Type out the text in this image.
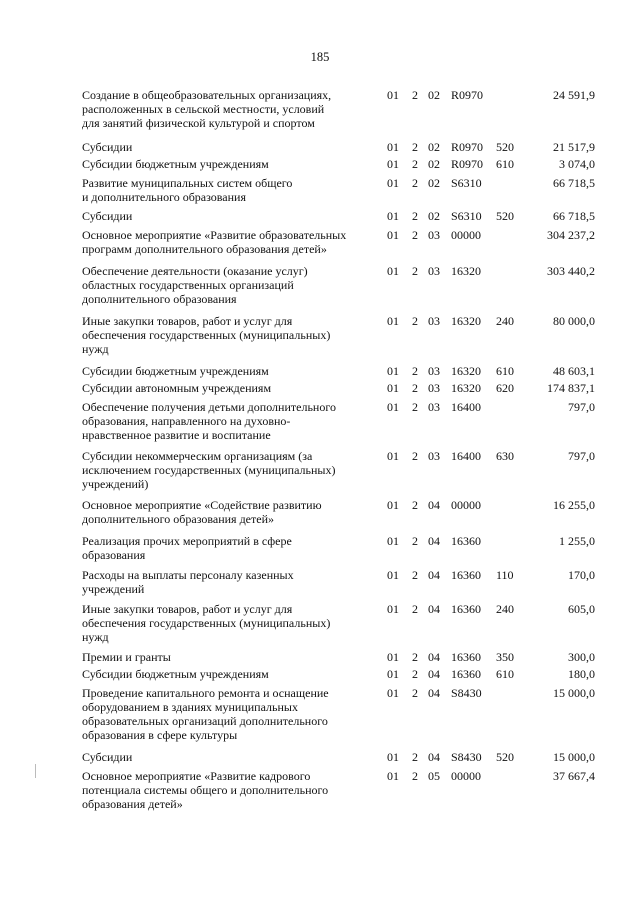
185
Создание в общеобразовательных организациях,
расположенных в сельской местности, условий
для занятий физической культурой и спортом
01 2 02 R0970	24 591,9
Субсидии	01 2 02 R0970 520	21 517,9
Субсидии бюджетным учреждениям	01 2 02 R0970 610	3 074,0
Развитие муниципальных систем общего
и дополнительного образования
01 2 02 S6310	66 718,5
Субсидии	01 2 02 S6310 520	66 718,5
Основное мероприятие «Развитие образовательных
программ дополнительного образования детей»
01 2 03 00000	304 237,2
Обеспечение деятельности (оказание услуг)
областных государственных организаций
дополнительного образования
01 2 03 16320	303 440,2
Иные закупки товаров, работ и услуг для
обеспечения государственных (муниципальных)
нужд
01 2 03 16320 240	80 000,0
Субсидии бюджетным учреждениям	01 2 03 16320 610	48 603,1
Субсидии автономным учреждениям	01 2 03 16320 620	174 837,1
Обеспечение получения детьми дополнительного
образования, направленного на духовно-
нравственное развитие и воспитание
01 2 03 16400	797,0
Субсидии некоммерческим организациям (за
исключением государственных (муниципальных)
учреждений)
01 2 03 16400 630	797,0
Основное мероприятие «Содействие развитию
дополнительного образования детей»
01 2 04 00000	16 255,0
Реализация прочих мероприятий в сфере
образования
01 2 04 16360	1 255,0
Расходы на выплаты персоналу казенных
учреждений
01 2 04 16360 110	170,0
Иные закупки товаров, работ и услуг для
обеспечения государственных (муниципальных)
нужд
01 2 04 16360 240	605,0
Премии и гранты	01 2 04 16360 350	300,0
Субсидии бюджетным учреждениям	01 2 04 16360 610	180,0
Проведение капитального ремонта и оснащение
оборудованием в зданиях муниципальных
образовательных организаций дополнительного
образования в сфере культуры
01 2 04 S8430	15 000,0
Субсидии	01 2 04 S8430 520	15 000,0
Основное мероприятие «Развитие кадрового
потенциала системы общего и дополнительного
образования детей»
01 2 05 00000	37 667,4
